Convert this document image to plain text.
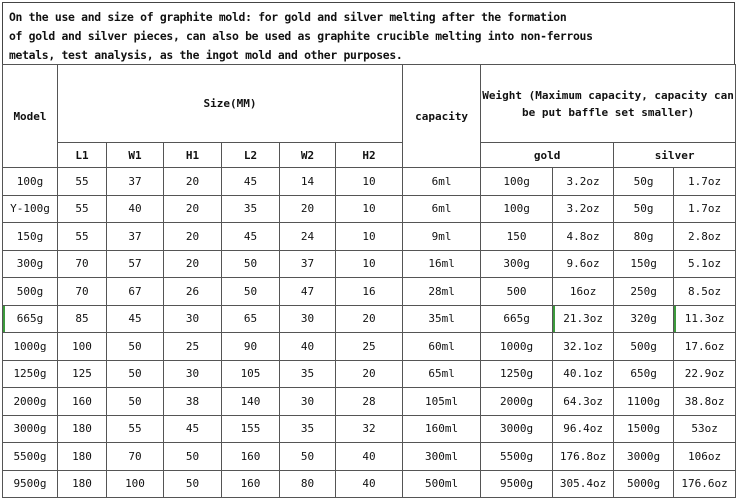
On the use and size of graphite mold: for gold and silver melting after the formation
of gold and silver pieces, can also be used as graphite crucible melting into non-ferrous
metals, test analysis, as the ingot mold and other purposes.
Model	Size(MM)						capacity	Weight (Maximum capacity, capacity can be put baffle set smaller)			
	L1	W1	H1	L2	W2	H2		gold		silver	
100g	55	37	20	45	14	10	6ml	100g	3.2oz	50g	1.7oz
Y-100g	55	40	20	35	20	10	6ml	100g	3.2oz	50g	1.7oz
150g	55	37	20	45	24	10	9ml	150	4.8oz	80g	2.8oz
300g	70	57	20	50	37	10	16ml	300g	9.6oz	150g	5.1oz
500g	70	67	26	50	47	16	28ml	500	16oz	250g	8.5oz
665g	85	45	30	65	30	20	35ml	665g	21.3oz	320g	11.3oz
1000g	100	50	25	90	40	25	60ml	1000g	32.1oz	500g	17.6oz
1250g	125	50	30	105	35	20	65ml	1250g	40.1oz	650g	22.9oz
2000g	160	50	38	140	30	28	105ml	2000g	64.3oz	1100g	38.8oz
3000g	180	55	45	155	35	32	160ml	3000g	96.4oz	1500g	53oz
5500g	180	70	50	160	50	40	300ml	5500g	176.8oz	3000g	106oz
9500g	180	100	50	160	80	40	500ml	9500g	305.4oz	5000g	176.6oz
